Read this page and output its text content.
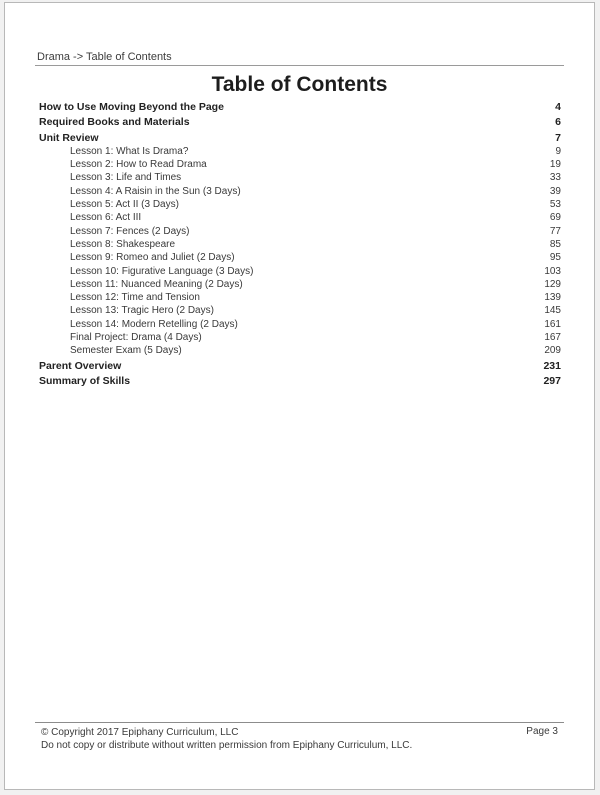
Drama -> Table of Contents
Table of Contents
How to Use Moving Beyond the Page	4
Required Books and Materials	6
Unit Review	7
Lesson 1: What Is Drama?	9
Lesson 2: How to Read Drama	19
Lesson 3: Life and Times	33
Lesson 4: A Raisin in the Sun (3 Days)	39
Lesson 5: Act II (3 Days)	53
Lesson 6: Act III	69
Lesson 7: Fences (2 Days)	77
Lesson 8: Shakespeare	85
Lesson 9: Romeo and Juliet (2 Days)	95
Lesson 10: Figurative Language (3 Days)	103
Lesson 11: Nuanced Meaning (2 Days)	129
Lesson 12: Time and Tension	139
Lesson 13: Tragic Hero (2 Days)	145
Lesson 14: Modern Retelling (2 Days)	161
Final Project: Drama (4 Days)	167
Semester Exam (5 Days)	209
Parent Overview	231
Summary of Skills	297
© Copyright 2017 Epiphany Curriculum, LLC
Do not copy or distribute without written permission from Epiphany Curriculum, LLC.
Page 3
